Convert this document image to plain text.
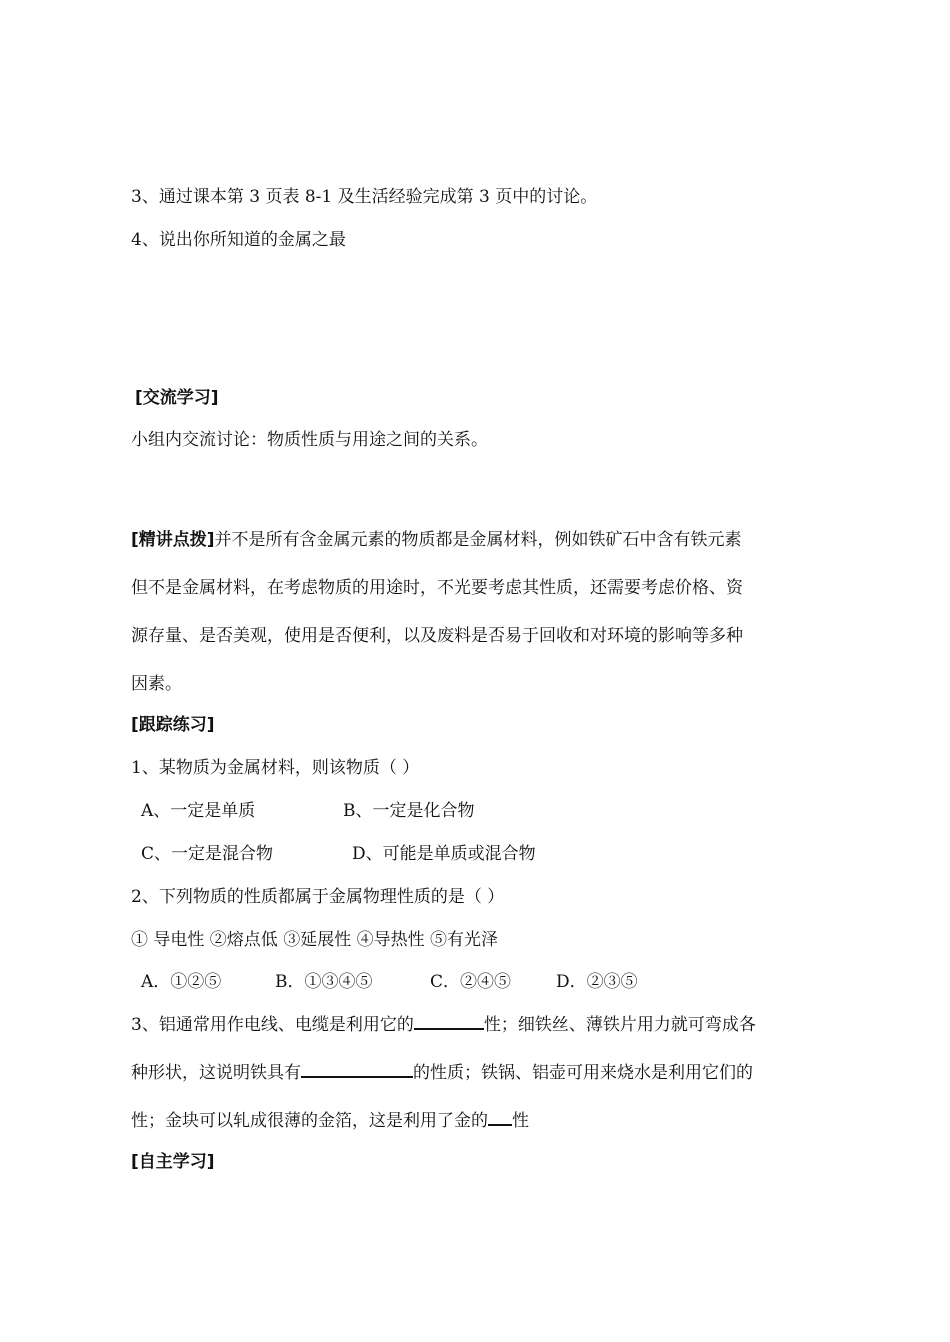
3、通过课本第 3 页表 8-1 及生活经验完成第 3 页中的讨论。
4、说出你所知道的金属之最
[交流学习]
小组内交流讨论：物质性质与用途之间的关系。
[精讲点拨]并不是所有含金属元素的物质都是金属材料，例如铁矿石中含有铁元素
但不是金属材料，在考虑物质的用途时，不光要考虑其性质，还需要考虑价格、资
源存量、是否美观，使用是否便利，以及废料是否易于回收和对环境的影响等多种
因素。
[跟踪练习]
1、某物质为金属材料，则该物质（ ）
A、一定是单质	B、一定是化合物
C、一定是混合物	D、可能是单质或混合物
2、下列物质的性质都属于金属物理性质的是（ ）
① 导电性 ②熔点低 ③延展性 ④导热性 ⑤有光泽
A．①②⑤	B．①③④⑤	C．②④⑤	D．②③⑤
3、铝通常用作电线、电缆是利用它的	性；细铁丝、薄铁片用力就可弯成各
种形状，这说明铁具有	的性质；铁锅、铝壶可用来烧水是利用它们的
性；金块可以轧成很薄的金箔，这是利用了金的 性
[自主学习]
